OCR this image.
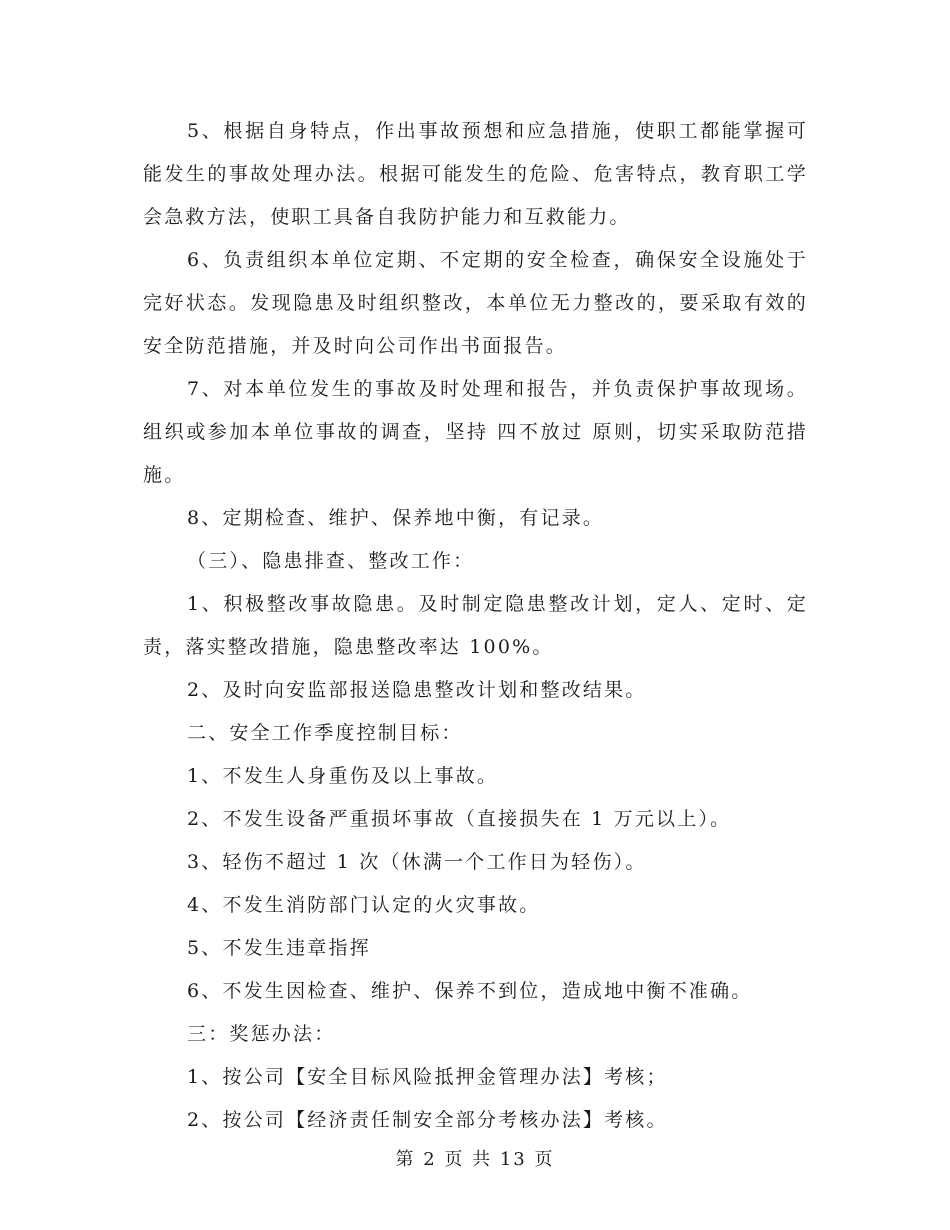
5、根据自身特点，作出事故预想和应急措施，使职工都能掌握可能发生的事故处理办法。根据可能发生的危险、危害特点，教育职工学会急救方法，使职工具备自我防护能力和互救能力。

6、负责组织本单位定期、不定期的安全检查，确保安全设施处于完好状态。发现隐患及时组织整改，本单位无力整改的，要采取有效的安全防范措施，并及时向公司作出书面报告。

7、对本单位发生的事故及时处理和报告，并负责保护事故现场。组织或参加本单位事故的调查，坚持 四不放过 原则，切实采取防范措施。

8、定期检查、维护、保养地中衡，有记录。

（三）、隐患排查、整改工作：

1、积极整改事故隐患。及时制定隐患整改计划，定人、定时、定责，落实整改措施，隐患整改率达 100%。

2、及时向安监部报送隐患整改计划和整改结果。

二、安全工作季度控制目标：

1、不发生人身重伤及以上事故。

2、不发生设备严重损坏事故（直接损失在 1 万元以上）。

3、轻伤不超过 1 次（休满一个工作日为轻伤）。

4、不发生消防部门认定的火灾事故。

5、不发生违章指挥

6、不发生因检查、维护、保养不到位，造成地中衡不准确。

三：奖惩办法：

1、按公司【安全目标风险抵押金管理办法】考核；

2、按公司【经济责任制安全部分考核办法】考核。

第 2 页 共 13 页
